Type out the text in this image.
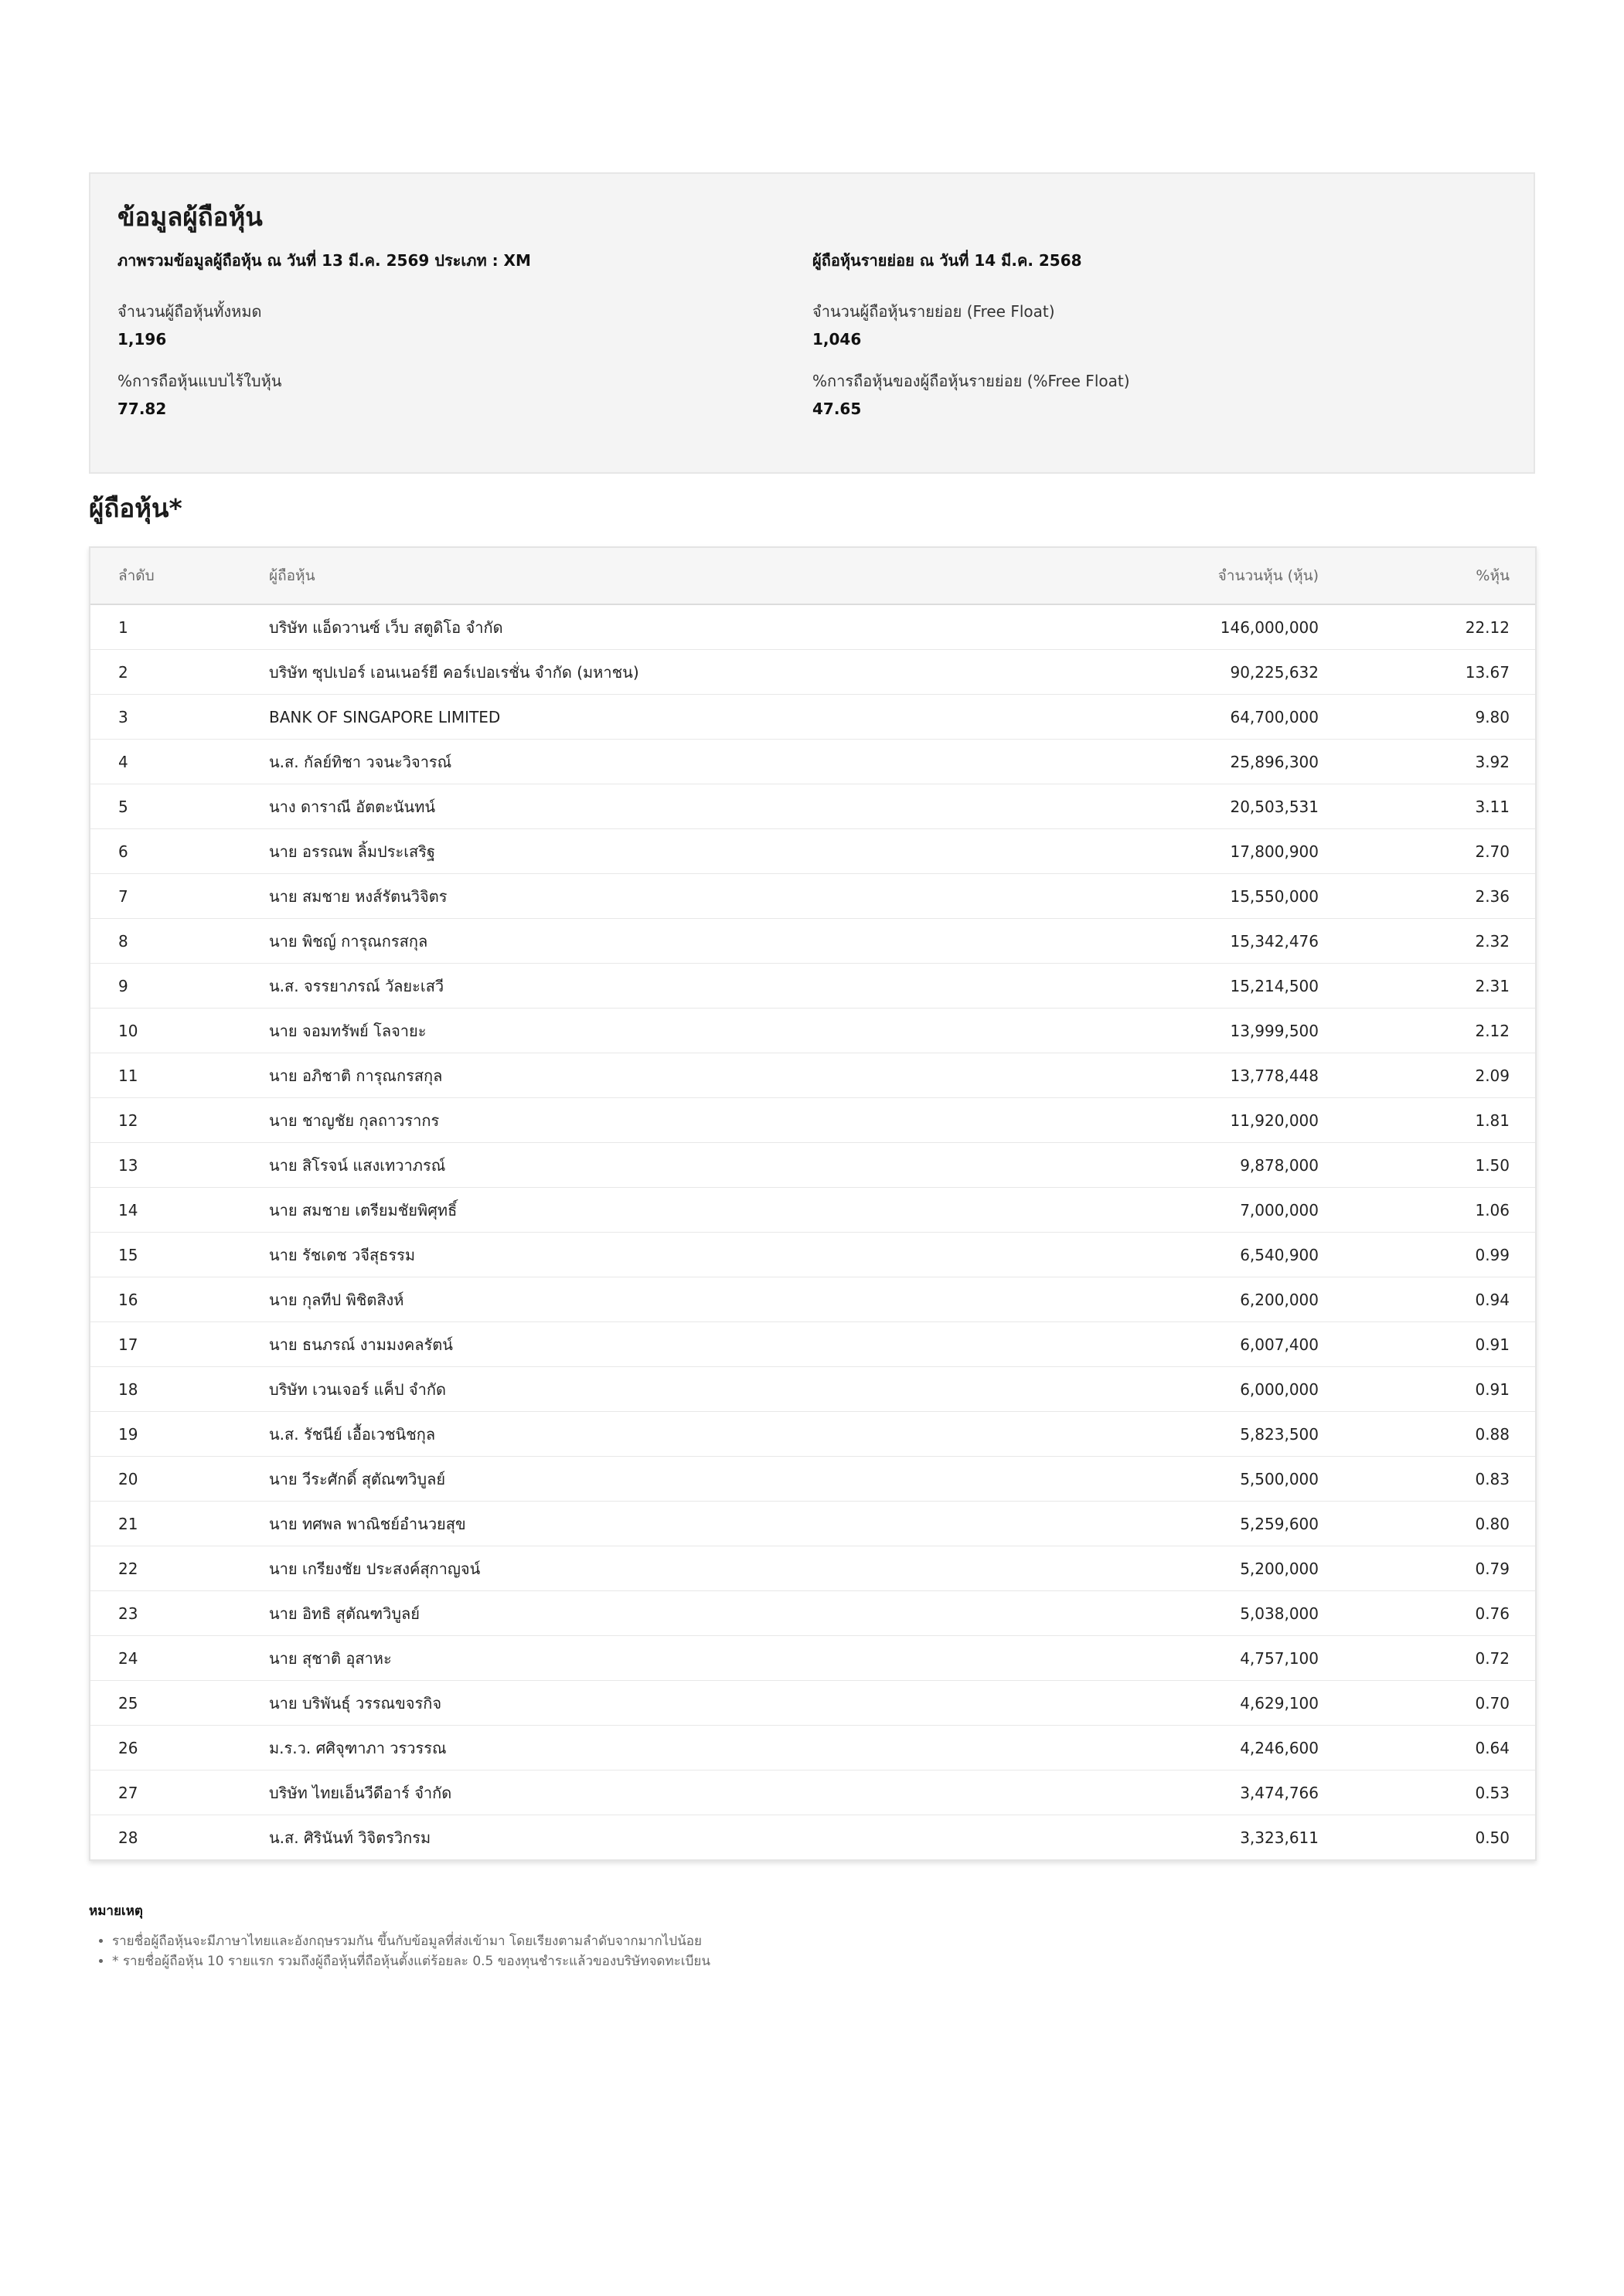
ข้อมูลผู้ถือหุ้น
ภาพรวมข้อมูลผู้ถือหุ้น ณ วันที่ 13 มี.ค. 2569 ประเภท : XM
จำนวนผู้ถือหุ้นทั้งหมด
1,196
%การถือหุ้นแบบไร้ใบหุ้น
77.82
ผู้ถือหุ้นรายย่อย ณ วันที่ 14 มี.ค. 2568
จำนวนผู้ถือหุ้นรายย่อย (Free Float)
1,046
%การถือหุ้นของผู้ถือหุ้นรายย่อย (%Free Float)
47.65
ผู้ถือหุ้น*
ลำดับ	ผู้ถือหุ้น	จำนวนหุ้น (หุ้น)	%หุ้น
1	บริษัท แอ็ดวานซ์ เว็บ สตูดิโอ จำกัด	146,000,000	22.12
2	บริษัท ซุปเปอร์ เอนเนอร์ยี คอร์เปอเรชั่น จำกัด (มหาชน)	90,225,632	13.67
3	BANK OF SINGAPORE LIMITED	64,700,000	9.80
4	น.ส. กัลย์ทิชา วจนะวิจารณ์	25,896,300	3.92
5	นาง ดาราณี อัตตะนันทน์	20,503,531	3.11
6	นาย อรรณพ ลิ้มประเสริฐ	17,800,900	2.70
7	นาย สมชาย หงส์รัตนวิจิตร	15,550,000	2.36
8	นาย พิชญ์ การุณกรสกุล	15,342,476	2.32
9	น.ส. จรรยาภรณ์ วัลยะเสวี	15,214,500	2.31
10	นาย จอมทรัพย์ โลจายะ	13,999,500	2.12
11	นาย อภิชาติ การุณกรสกุล	13,778,448	2.09
12	นาย ชาญชัย กุลถาวรากร	11,920,000	1.81
13	นาย สิโรจน์ แสงเทวาภรณ์	9,878,000	1.50
14	นาย สมชาย เตรียมชัยพิศุทธิ์	7,000,000	1.06
15	นาย รัชเดช วจีสุธรรม	6,540,900	0.99
16	นาย กุลทีป พิชิตสิงห์	6,200,000	0.94
17	นาย ธนภรณ์ งามมงคลรัตน์	6,007,400	0.91
18	บริษัท เวนเจอร์ แค็ป จำกัด	6,000,000	0.91
19	น.ส. รัชนีย์ เอื้อเวชนิชกุล	5,823,500	0.88
20	นาย วีระศักดิ์ สุตัณฑวิบูลย์	5,500,000	0.83
21	นาย ทศพล พาณิชย์อำนวยสุข	5,259,600	0.80
22	นาย เกรียงชัย ประสงค์สุกาญจน์	5,200,000	0.79
23	นาย อิทธิ สุตัณฑวิบูลย์	5,038,000	0.76
24	นาย สุชาติ อุสาหะ	4,757,100	0.72
25	นาย บริพันธุ์ วรรณขจรกิจ	4,629,100	0.70
26	ม.ร.ว. ศศิจุฑาภา วรวรรณ	4,246,600	0.64
27	บริษัท ไทยเอ็นวีดีอาร์ จำกัด	3,474,766	0.53
28	น.ส. ศิรินันท์ วิจิตรวิกรม	3,323,611	0.50
หมายเหตุ
• รายชื่อผู้ถือหุ้นจะมีภาษาไทยและอังกฤษรวมกัน ขึ้นกับข้อมูลที่ส่งเข้ามา โดยเรียงตามลำดับจากมากไปน้อย
• * รายชื่อผู้ถือหุ้น 10 รายแรก รวมถึงผู้ถือหุ้นที่ถือหุ้นตั้งแต่ร้อยละ 0.5 ของทุนชำระแล้วของบริษัทจดทะเบียน
